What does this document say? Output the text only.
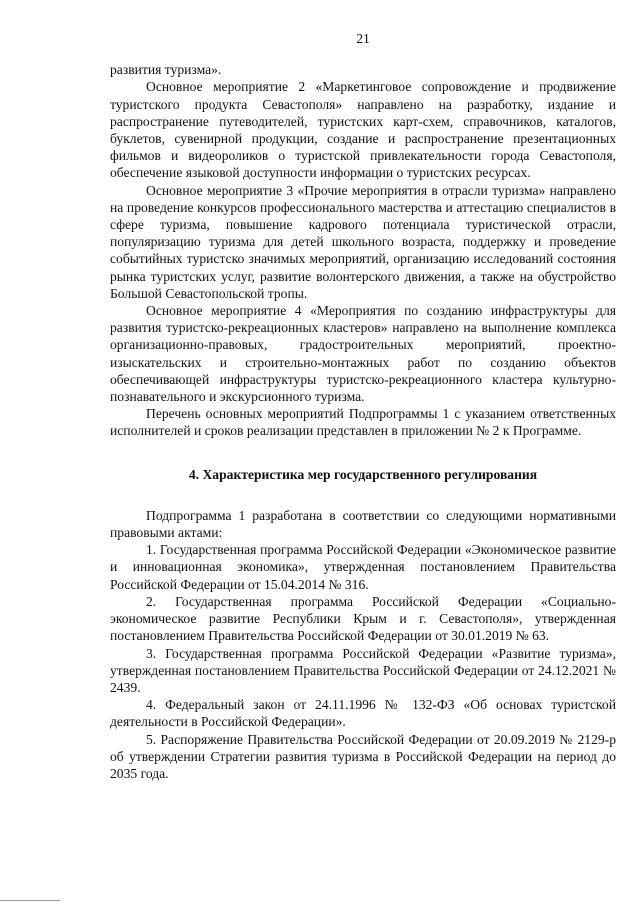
21

развития туризма».

Основное мероприятие 2 «Маркетинговое сопровождение и продвижение туристского продукта Севастополя» направлено на разработку, издание и распространение путеводителей, туристских карт-схем, справочников, каталогов, буклетов, сувенирной продукции, создание и распространение презентационных фильмов и видеороликов о туристской привлекательности города Севастополя, обеспечение языковой доступности информации о туристских ресурсах.

Основное мероприятие 3 «Прочие мероприятия в отрасли туризма» направлено на проведение конкурсов профессионального мастерства и аттестацию специалистов в сфере туризма, повышение кадрового потенциала туристической отрасли, популяризацию туризма для детей школьного возраста, поддержку и проведение событийных туристско значимых мероприятий, организацию исследований состояния рынка туристских услуг, развитие волонтерского движения, а также на обустройство Большой Севастопольской тропы.

Основное мероприятие 4 «Мероприятия по созданию инфраструктуры для развития туристско-рекреационных кластеров» направлено на выполнение комплекса организационно-правовых, градостроительных мероприятий, проектно-изыскательских и строительно-монтажных работ по созданию объектов обеспечивающей инфраструктуры туристско-рекреационного кластера культурно-познавательного и экскурсионного туризма.

Перечень основных мероприятий Подпрограммы 1 с указанием ответственных исполнителей и сроков реализации представлен в приложении № 2 к Программе.

4. Характеристика мер государственного регулирования

Подпрограмма 1 разработана в соответствии со следующими нормативными правовыми актами:

1. Государственная программа Российской Федерации «Экономическое развитие и инновационная экономика», утвержденная постановлением Правительства Российской Федерации от 15.04.2014 № 316.

2. Государственная программа Российской Федерации «Социально-экономическое развитие Республики Крым и г. Севастополя», утвержденная постановлением Правительства Российской Федерации от 30.01.2019 № 63.

3. Государственная программа Российской Федерации «Развитие туризма», утвержденная постановлением Правительства Российской Федерации от 24.12.2021 № 2439.

4. Федеральный закон от 24.11.1996 № 132-ФЗ «Об основах туристской деятельности в Российской Федерации».

5. Распоряжение Правительства Российской Федерации от 20.09.2019 № 2129-р об утверждении Стратегии развития туризма в Российской Федерации на период до 2035 года.
